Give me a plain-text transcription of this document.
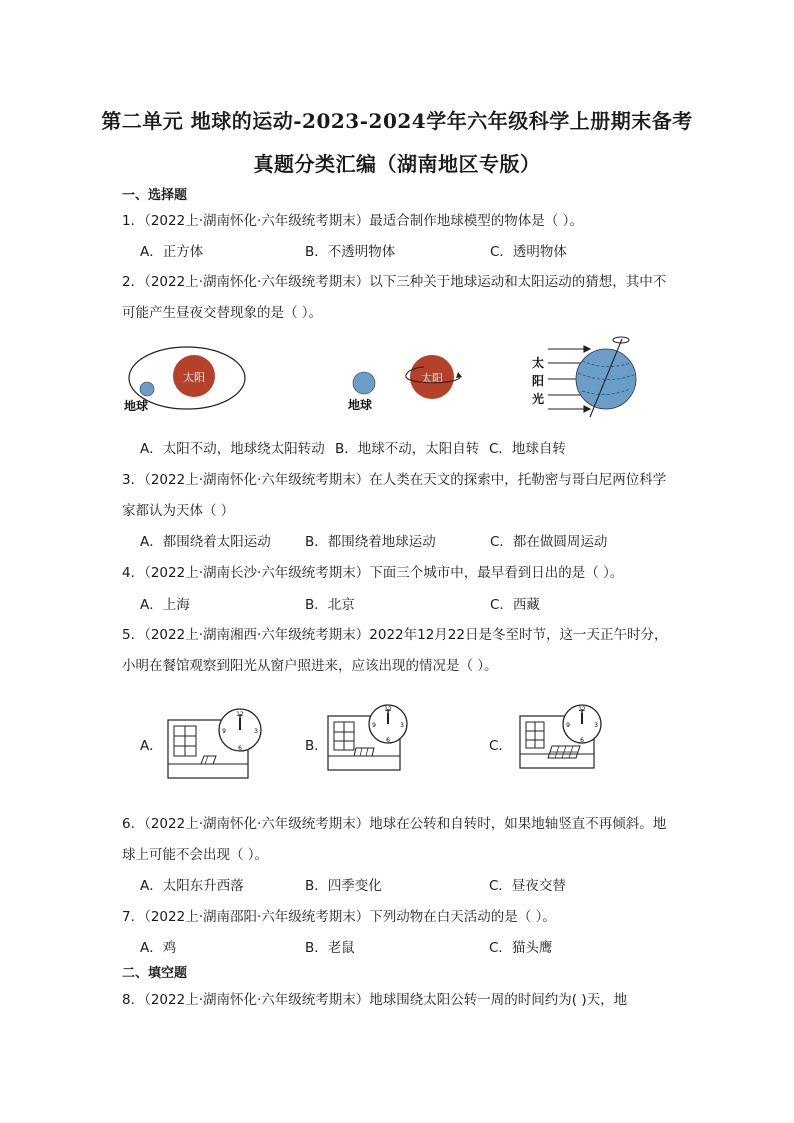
第二单元 地球的运动-2023-2024学年六年级科学上册期末备考
真题分类汇编（湖南地区专版）
一、选择题
1．（2022上·湖南怀化·六年级统考期末）最适合制作地球模型的物体是（ ）。
A．正方体	B．不透明物体	C．透明物体
2．（2022上·湖南怀化·六年级统考期末）以下三种关于地球运动和太阳运动的猜想，其中不
可能产生昼夜交替现象的是（ ）。
太阳
地球	地球
太阳
太
阳
光
A．太阳不动，地球绕太阳转动 B．地球不动，太阳自转 C．地球自转
3．（2022上·湖南怀化·六年级统考期末）在人类在天文的探索中，托勒密与哥白尼两位科学
家都认为天体（ ）
A．都围绕着太阳运动	B．都围绕着地球运动	C．都在做圆周运动
4．（2022上·湖南长沙·六年级统考期末）下面三个城市中，最早看到日出的是（ ）。
A．上海	B．北京	C．西藏
5．（2022上·湖南湘西·六年级统考期末）2022年12月22日是冬至时节，这一天正午时分，
小明在餐馆观察到阳光从窗户照进来，应该出现的情况是（ ）。
A．
12
3
6
9
B．
12
3
6
9
C．
12
3
6
9
6．（2022上·湖南怀化·六年级统考期末）地球在公转和自转时，如果地轴竖直不再倾斜。地
球上可能不会出现（ ）。
A．太阳东升西落	B．四季变化	C．昼夜交替
7．（2022上·湖南邵阳·六年级统考期末）下列动物在白天活动的是（ ）。
A．鸡	B．老鼠	C．猫头鹰
二、填空题
8．（2022上·湖南怀化·六年级统考期末）地球围绕太阳公转一周的时间约为( )天，地
